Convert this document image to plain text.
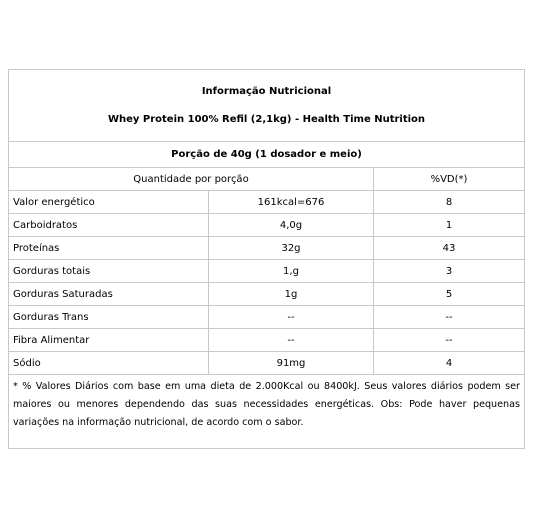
Informação Nutricional
Whey Protein 100% Refil (2,1kg) - Health Time Nutrition		

Porção de 40g (1 dosador e meio)		
Quantidade por porção		%VD(*)
Valor energético	161kcal=676	8
Carboidratos	4,0g	1
Proteínas	32g	43
Gorduras totais	1,g	3
Gorduras Saturadas	1g	5
Gorduras Trans	--	--
Fibra Alimentar	--	--
Sódio	91mg	4
* % Valores Diários com base em uma dieta de 2.000Kcal ou 8400kJ. Seus valores diários podem ser maiores ou menores dependendo das suas necessidades energéticas. Obs: Pode haver pequenas variações na informação nutricional, de acordo com o sabor.		
